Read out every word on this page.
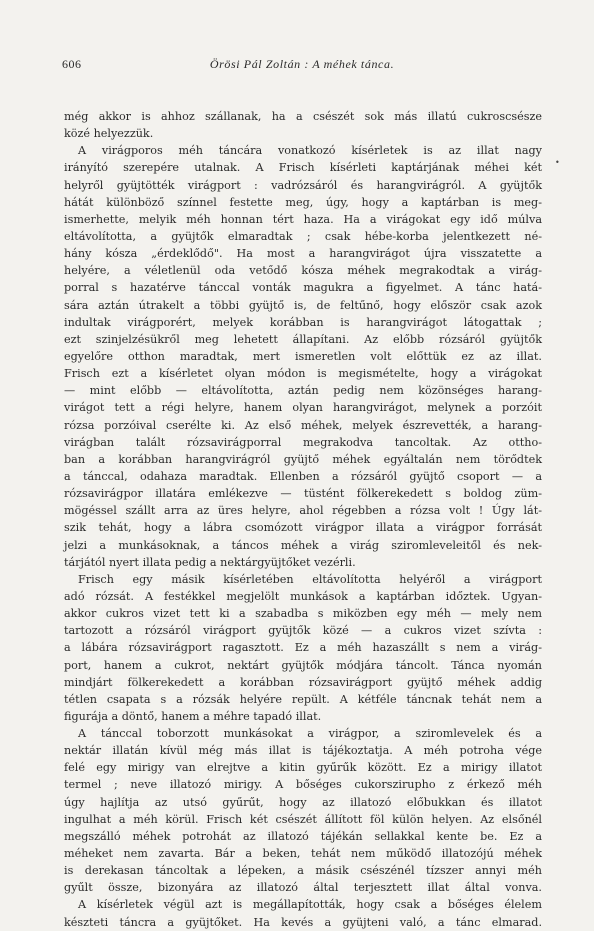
606	Örösi Pál Zoltán : A méhek tánca.
•
még akkor is ahhoz szállanak, ha a csészét sok más illatú cukroscsésze
közé helyezzük.
A virágporos méh táncára vonatkozó kísérletek is az illat nagy
irányító szerepére utalnak. A Frisch kísérleti kaptárjának méhei két
helyről gyüjtötték virágport : vadrózsáról és harangvirágról. A gyüjtők
hátát különböző színnel festette meg, úgy, hogy a kaptárban is meg-
ismerhette, melyik méh honnan tért haza. Ha a virágokat egy idő múlva
eltávolította, a gyüjtők elmaradtak ; csak hébe-korba jelentkezett né-
hány kósza „érdeklődő". Ha most a harangvirágot újra visszatette a
helyére, a véletlenül oda vetődő kósza méhek megrakodtak a virág-
porral s hazatérve tánccal vonták magukra a figyelmet. A tánc hatá-
sára aztán útrakelt a többi gyüjtő is, de feltűnő, hogy először csak azok
indultak virágporért, melyek korábban is harangvirágot látogattak ;
ezt szinjelzésükről meg lehetett állapítani. Az előbb rózsáról gyüjtők
egyelőre otthon maradtak, mert ismeretlen volt előttük ez az illat.
Frisch ezt a kísérletet olyan módon is megismételte, hogy a virágokat
— mint előbb — eltávolította, aztán pedig nem közönséges harang-
virágot tett a régi helyre, hanem olyan harangvirágot, melynek a porzóit
rózsa porzóival cserélte ki. Az első méhek, melyek észrevették, a harang-
virágban talált rózsavirágporral megrakodva tancoltak. Az ottho-
ban a korábban harangvirágról gyüjtő méhek egyáltalán nem törődtek
a tánccal, odahaza maradtak. Ellenben a rózsáról gyüjtő csoport — a
rózsavirágpor illatára emlékezve — tüstént fölkerekedett s boldog züm-
mögéssel szállt arra az üres helyre, ahol régebben a rózsa volt ! Úgy lát-
szik tehát, hogy a lábra csomózott virágpor illata a virágpor forrását
jelzi a munkásoknak, a táncos méhek a virág sziromleveleitől és nek-
tárjától nyert illata pedig a nektárgyüjtőket vezérli.
Frisch egy másik kísérletében eltávolította helyéről a virágport
adó rózsát. A festékkel megjelölt munkások a kaptárban időztek. Ugyan-
akkor cukros vizet tett ki a szabadba s miközben egy méh — mely nem
tartozott a rózsáról virágport gyüjtők közé — a cukros vizet szívta :
a lábára rózsavirágport ragasztott. Ez a méh hazaszállt s nem a virág-
port, hanem a cukrot, nektárt gyüjtők módjára táncolt. Tánca nyomán
mindjárt fölkerekedett a korábban rózsavirágport gyüjtő méhek addig
tétlen csapata s a rózsák helyére repült. A kétféle táncnak tehát nem a
figurája a döntő, hanem a méhre tapadó illat.
A tánccal toborzott munkásokat a virágpor, a sziromlevelek és a
nektár illatán kívül még más illat is tájékoztatja. A méh potroha vége
felé egy mirigy van elrejtve a kitin gyűrűk között. Ez a mirigy illatot
termel ; neve illatozó mirigy. A bőséges cukorszirupho z érkező méh
úgy hajlítja az utsó gyűrűt, hogy az illatozó előbukkan és illatot
ingulhat a méh körül. Frisch két csészét állított föl külön helyen. Az elsőnél
megszálló méhek potrohát az illatozó tájékán sellakkal kente be. Ez a
méheket nem zavarta. Bár a beken, tehát nem működő illatozójú méhek
is derekasan táncoltak a lépeken, a másik csészénél tízszer annyi méh
gyűlt össze, bizonyára az illatozó által terjesztett illat által vonva.
A kísérletek végül azt is megállapították, hogy csak a bőséges élelem
készteti táncra a gyüjtőket. Ha kevés a gyüjteni való, a tánc elmarad.
